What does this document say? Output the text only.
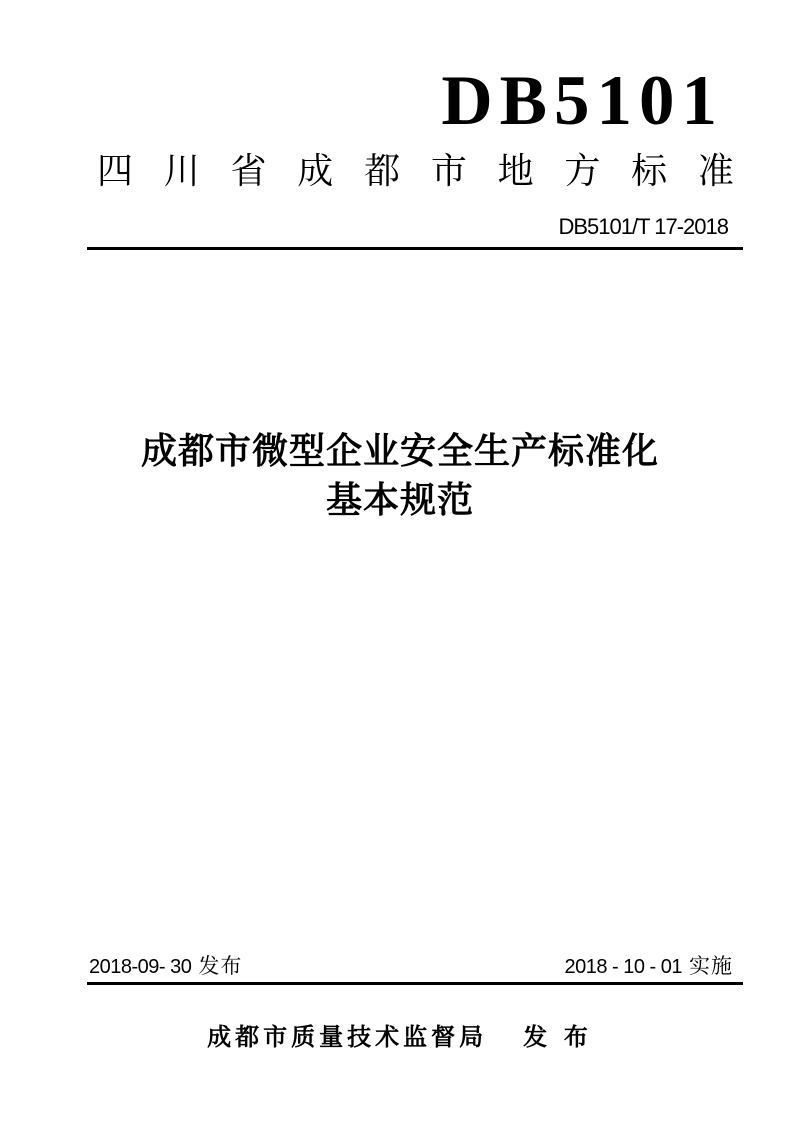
DB5101
四 川 省 成 都 市 地 方 标 准
DB5101/T 17-2018
成都市微型企业安全生产标准化
基本规范
2018-09- 30 发布	2018 - 10 - 01 实施
成都市质量技术监督局 发 布
